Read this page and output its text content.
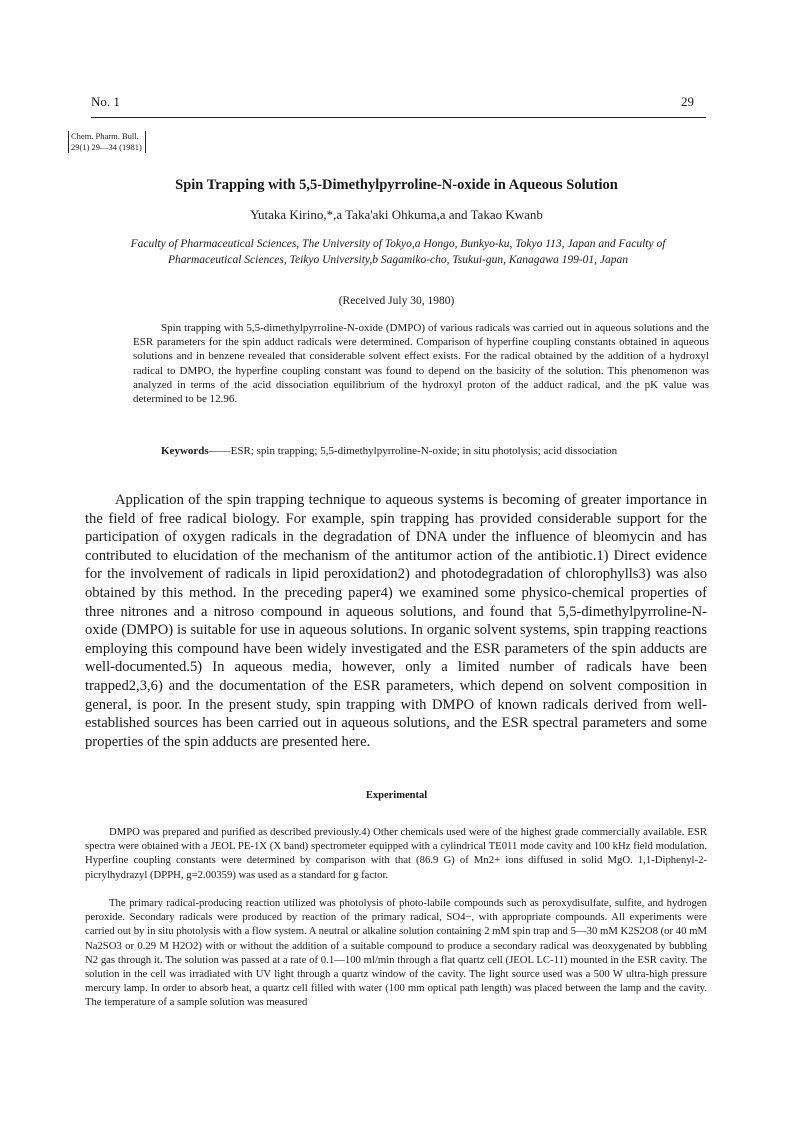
No. 1	29
Chem. Pharm. Bull.
29(1) 29—34 (1981)
Spin Trapping with 5,5-Dimethylpyrroline-N-oxide in Aqueous Solution
Yutaka Kirino,*,a Taka'aki Ohkuma,a and Takao Kwanb
Faculty of Pharmaceutical Sciences, The University of Tokyo,a Hongo, Bunkyo-ku, Tokyo 113, Japan and Faculty of Pharmaceutical Sciences, Teikyo University,b Sagamiko-cho, Tsukui-gun, Kanagawa 199-01, Japan
(Received July 30, 1980)

Spin trapping with 5,5-dimethylpyrroline-N-oxide (DMPO) of various radicals was carried out in aqueous solutions and the ESR parameters for the spin adduct radicals were determined. Comparison of hyperfine coupling constants obtained in aqueous solutions and in benzene revealed that considerable solvent effect exists. For the radical obtained by the addition of a hydroxyl radical to DMPO, the hyperfine coupling constant was found to depend on the basicity of the solution. This phenomenon was analyzed in terms of the acid dissociation equilibrium of the hydroxyl proton of the adduct radical, and the pK value was determined to be 12.96.

Keywords——ESR; spin trapping; 5,5-dimethylpyrroline-N-oxide; in situ photolysis; acid dissociation

Application of the spin trapping technique to aqueous systems is becoming of greater importance in the field of free radical biology. For example, spin trapping has provided considerable support for the participation of oxygen radicals in the degradation of DNA under the influence of bleomycin and has contributed to elucidation of the mechanism of the antitumor action of the antibiotic.1) Direct evidence for the involvement of radicals in lipid peroxidation2) and photodegradation of chlorophylls3) was also obtained by this method. In the preceding paper4) we examined some physico-chemical properties of three nitrones and a nitroso compound in aqueous solutions, and found that 5,5-dimethylpyrroline-N-oxide (DMPO) is suitable for use in aqueous solutions. In organic solvent systems, spin trapping reactions employing this compound have been widely investigated and the ESR parameters of the spin adducts are well-documented.5) In aqueous media, however, only a limited number of radicals have been trapped2,3,6) and the documentation of the ESR parameters, which depend on solvent composition in general, is poor. In the present study, spin trapping with DMPO of known radicals derived from well-established sources has been carried out in aqueous solutions, and the ESR spectral parameters and some properties of the spin adducts are presented here.

Experimental

DMPO was prepared and purified as described previously.4) Other chemicals used were of the highest grade commercially available. ESR spectra were obtained with a JEOL PE-1X (X band) spectrometer equipped with a cylindrical TE011 mode cavity and 100 kHz field modulation. Hyperfine coupling constants were determined by comparison with that (86.9 G) of Mn2+ ions diffused in solid MgO. 1,1-Diphenyl-2-picrylhydrazyl (DPPH, g=2.00359) was used as a standard for g factor.

The primary radical-producing reaction utilized was photolysis of photo-labile compounds such as peroxydisulfate, sulfite, and hydrogen peroxide. Secondary radicals were produced by reaction of the primary radical, SO4−, with appropriate compounds. All experiments were carried out by in situ photolysis with a flow system. A neutral or alkaline solution containing 2 mM spin trap and 5—30 mM K2S2O8 (or 40 mM Na2SO3 or 0.29 M H2O2) with or without the addition of a suitable compound to produce a secondary radical was deoxygenated by bubbling N2 gas through it. The solution was passed at a rate of 0.1—100 ml/min through a flat quartz cell (JEOL LC-11) mounted in the ESR cavity. The solution in the cell was irradiated with UV light through a quartz window of the cavity. The light source used was a 500 W ultra-high pressure mercury lamp. In order to absorb heat, a quartz cell filled with water (100 mm optical path length) was placed between the lamp and the cavity. The temperature of a sample solution was measured
